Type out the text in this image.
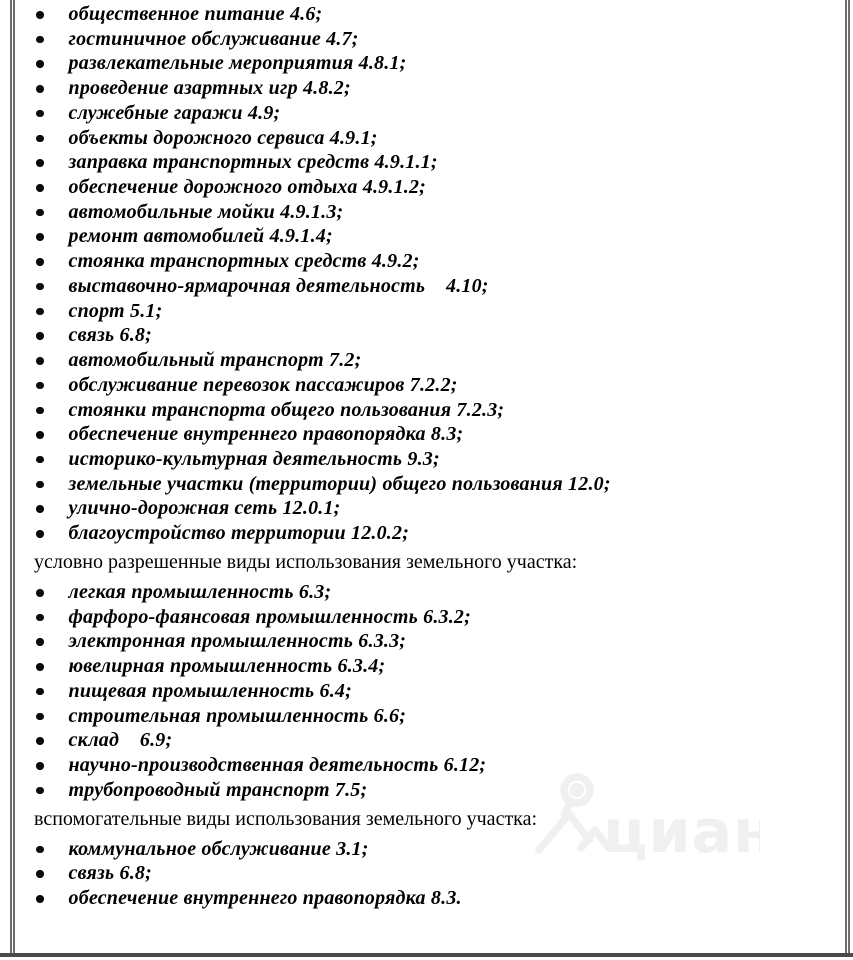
циан
общественное питание 4.6;
гостиничное обслуживание 4.7;
развлекательные мероприятия 4.8.1;
проведение азартных игр 4.8.2;
служебные гаражи 4.9;
объекты дорожного сервиса 4.9.1;
заправка транспортных средств 4.9.1.1;
обеспечение дорожного отдыха 4.9.1.2;
автомобильные мойки 4.9.1.3;
ремонт автомобилей 4.9.1.4;
стоянка транспортных средств 4.9.2;
выставочно-ярмарочная деятельность    4.10;
спорт 5.1;
связь 6.8;
автомобильный транспорт 7.2;
обслуживание перевозок пассажиров 7.2.2;
стоянки транспорта общего пользования 7.2.3;
обеспечение внутреннего правопорядка 8.3;
историко-культурная деятельность 9.3;
земельные участки (территории) общего пользования 12.0;
улично-дорожная сеть 12.0.1;
благоустройство территории 12.0.2;

условно разрешенные виды использования земельного участка:

легкая промышленность 6.3;
фарфоро-фаянсовая промышленность 6.3.2;
электронная промышленность 6.3.3;
ювелирная промышленность 6.3.4;
пищевая промышленность 6.4;
строительная промышленность 6.6;
склад    6.9;
научно-производственная деятельность 6.12;
трубопроводный транспорт 7.5;

вспомогательные виды использования земельного участка:

коммунальное обслуживание 3.1;
связь 6.8;
обеспечение внутреннего правопорядка 8.3.
